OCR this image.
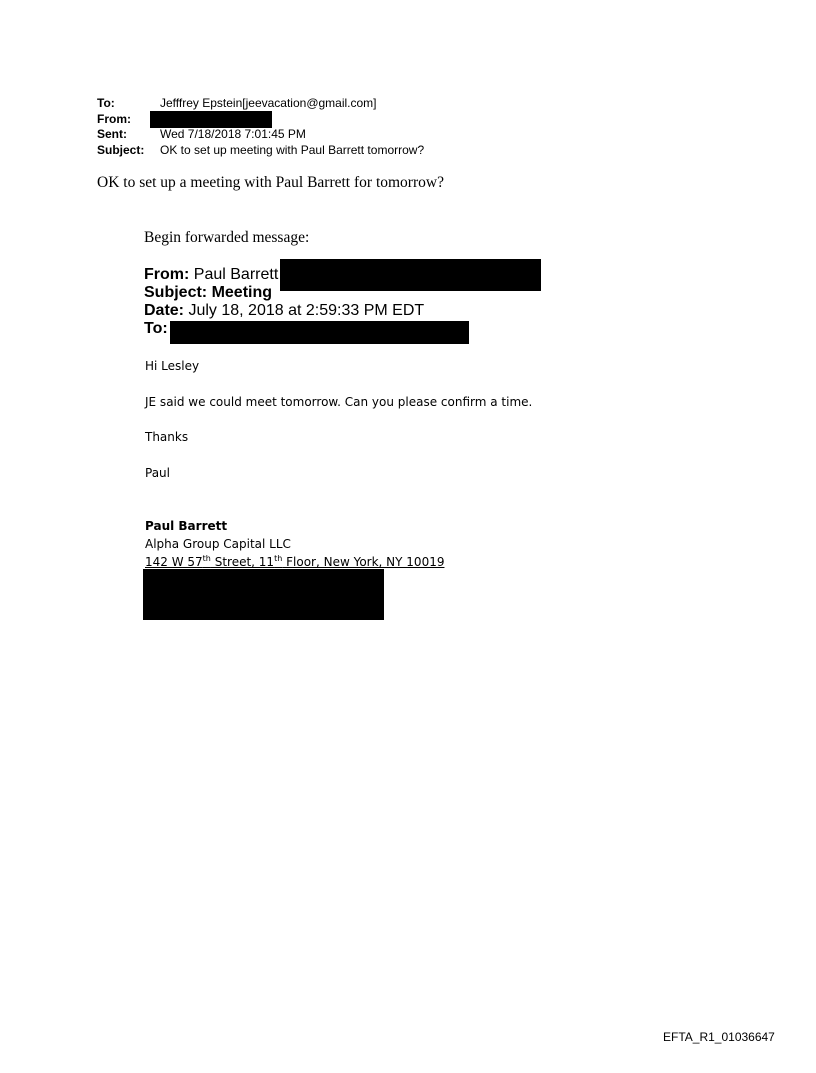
To:	Jefffrey Epstein[jeevacation@gmail.com]
From:
Sent:	Wed 7/18/2018 7:01:45 PM
Subject: OK to set up meeting with Paul Barrett tomorrow?
OK to set up a meeting with Paul Barrett for tomorrow?
Begin forwarded message:
From: Paul Barrett
Subject: Meeting
Date: July 18, 2018 at 2:59:33 PM EDT
To:
Hi Lesley
JE said we could meet tomorrow. Can you please confirm a time.
Thanks
Paul
Paul Barrett
Alpha Group Capital LLC
142 W 57th Street, 11th Floor, New York, NY 10019
EFTA_R1_01036647
